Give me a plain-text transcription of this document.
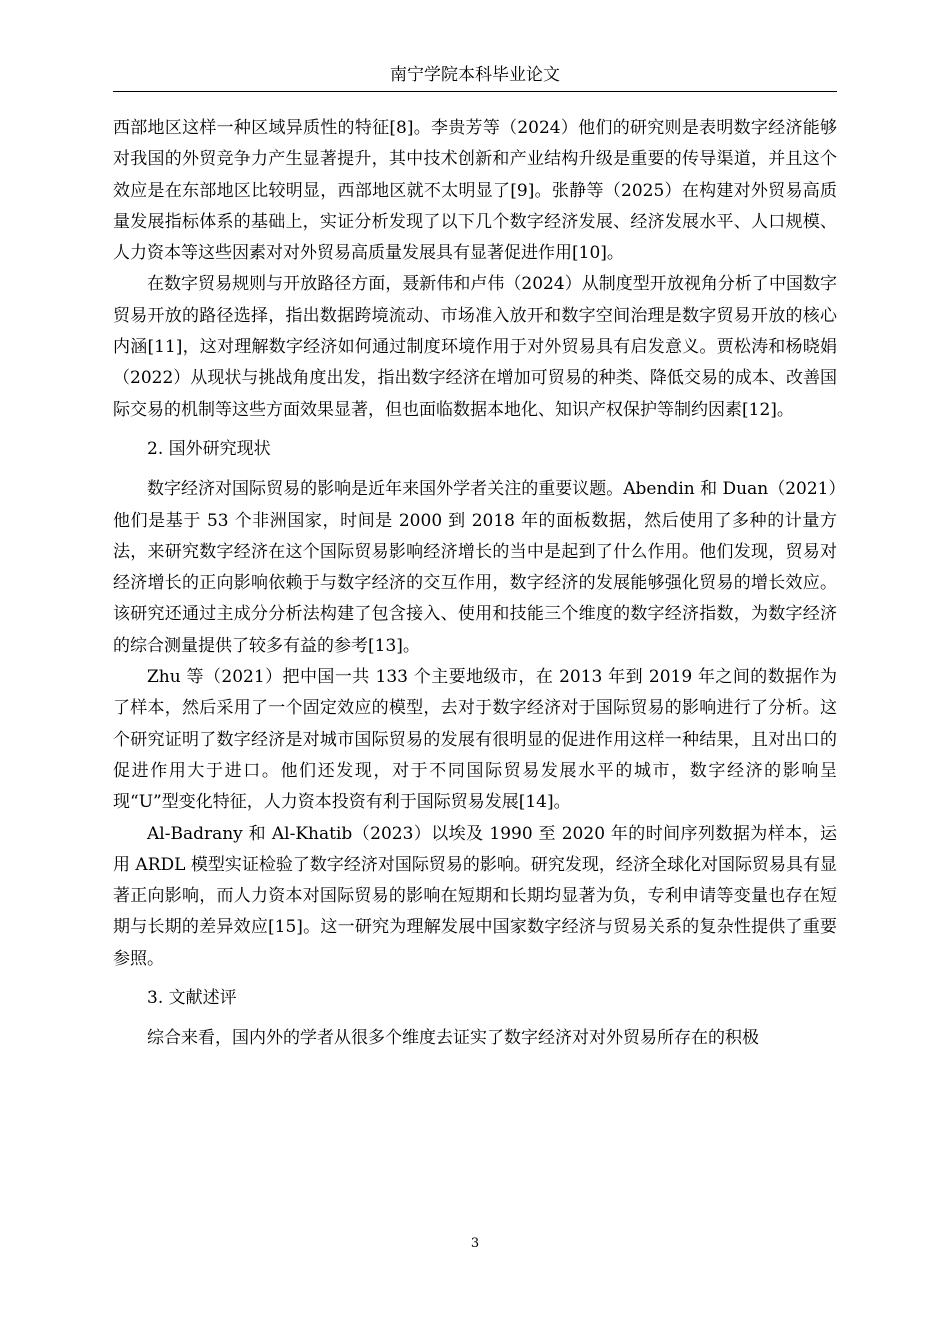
南宁学院本科毕业论文

西部地区这样一种区域异质性的特征[8]。李贵芳等（2024）他们的研究则是表明数字经济能够对我国的外贸竞争力产生显著提升，其中技术创新和产业结构升级是重要的传导渠道，并且这个效应是在东部地区比较明显，西部地区就不太明显了[9]。张静等（2025）在构建对外贸易高质量发展指标体系的基础上，实证分析发现了以下几个数字经济发展、经济发展水平、人口规模、人力资本等这些因素对对外贸易高质量发展具有显著促进作用[10]。

在数字贸易规则与开放路径方面，聂新伟和卢伟（2024）从制度型开放视角分析了中国数字贸易开放的路径选择，指出数据跨境流动、市场准入放开和数字空间治理是数字贸易开放的核心内涵[11]，这对理解数字经济如何通过制度环境作用于对外贸易具有启发意义。贾松涛和杨晓娟（2022）从现状与挑战角度出发，指出数字经济在增加可贸易的种类、降低交易的成本、改善国际交易的机制等这些方面效果显著，但也面临数据本地化、知识产权保护等制约因素[12]。

2. 国外研究现状

数字经济对国际贸易的影响是近年来国外学者关注的重要议题。Abendin 和 Duan（2021）他们是基于 53 个非洲国家，时间是 2000 到 2018 年的面板数据，然后使用了多种的计量方法，来研究数字经济在这个国际贸易影响经济增长的当中是起到了什么作用。他们发现，贸易对经济增长的正向影响依赖于与数字经济的交互作用，数字经济的发展能够强化贸易的增长效应。该研究还通过主成分分析法构建了包含接入、使用和技能三个维度的数字经济指数，为数字经济的综合测量提供了较多有益的参考[13]。

Zhu 等（2021）把中国一共 133 个主要地级市，在 2013 年到 2019 年之间的数据作为了样本，然后采用了一个固定效应的模型，去对于数字经济对于国际贸易的影响进行了分析。这个研究证明了数字经济是对城市国际贸易的发展有很明显的促进作用这样一种结果，且对出口的促进作用大于进口。他们还发现，对于不同国际贸易发展水平的城市，数字经济的影响呈现“U”型变化特征，人力资本投资有利于国际贸易发展[14]。

Al-Badrany 和 Al-Khatib（2023）以埃及 1990 至 2020 年的时间序列数据为样本，运用 ARDL 模型实证检验了数字经济对国际贸易的影响。研究发现，经济全球化对国际贸易具有显著正向影响，而人力资本对国际贸易的影响在短期和长期均显著为负，专利申请等变量也存在短期与长期的差异效应[15]。这一研究为理解发展中国家数字经济与贸易关系的复杂性提供了重要参照。

3. 文献述评

综合来看，国内外的学者从很多个维度去证实了数字经济对对外贸易所存在的积极

3
